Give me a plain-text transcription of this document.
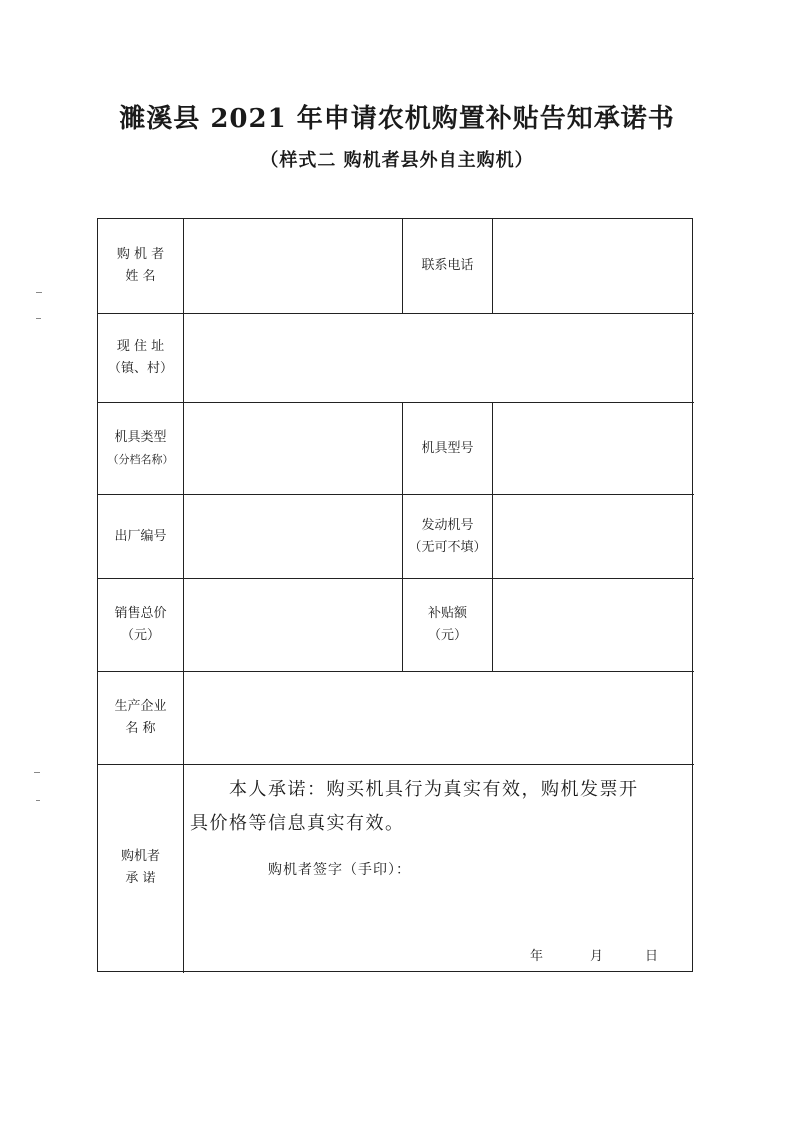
濉溪县 2021 年申请农机购置补贴告知承诺书
（样式二 购机者县外自主购机）
购 机 者
姓 名
联系电话
现 住 址
（镇、村）
机具类型
（分档名称）
机具型号
出厂编号
发动机号
（无可不填）
销售总价
（元）
补贴额
（元）
生产企业
名 称
购机者
承 诺
本人承诺：购买机具行为真实有效，购机发票开
具价格等信息真实有效。
购机者签字（手印）：
年	月	日
